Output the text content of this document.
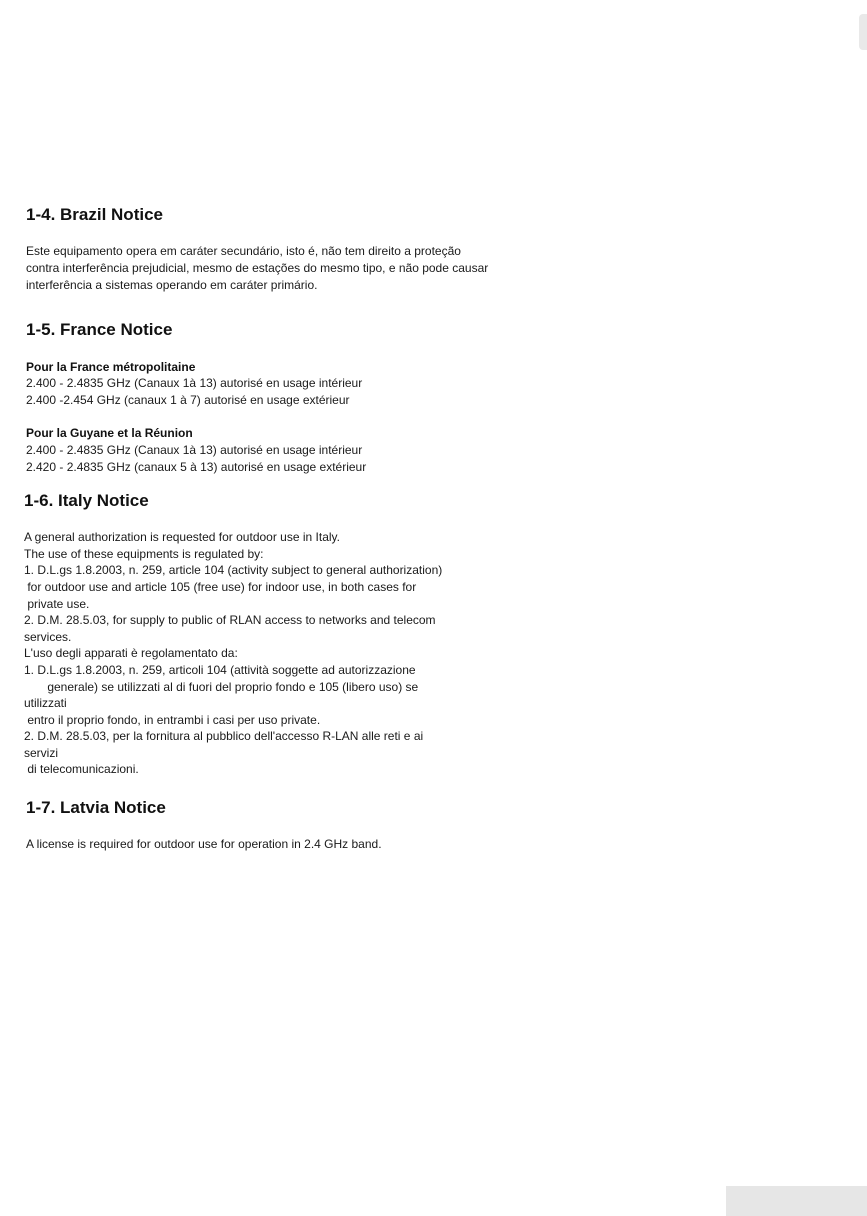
1-4. Brazil Notice
Este equipamento opera em caráter secundário, isto é, não tem direito a proteção
contra interferência prejudicial, mesmo de estações do mesmo tipo, e não pode causar
interferência a sistemas operando em caráter primário.
1-5. France Notice
Pour la France métropolitaine
2.400 - 2.4835 GHz (Canaux 1à 13) autorisé en usage intérieur
2.400 -2.454 GHz (canaux 1 à 7) autorisé en usage extérieur
Pour la Guyane et la Réunion
2.400 - 2.4835 GHz (Canaux 1à 13) autorisé en usage intérieur
2.420 - 2.4835 GHz (canaux 5 à 13) autorisé en usage extérieur
1-6. Italy Notice
A general authorization is requested for outdoor use in Italy.
The use of these equipments is regulated by:
1. D.L.gs 1.8.2003, n. 259, article 104 (activity subject to general authorization)
for outdoor use and article 105 (free use) for indoor use, in both cases for
private use.
2. D.M. 28.5.03, for supply to public of RLAN access to networks and telecom
services.
L'uso degli apparati è regolamentato da:
1. D.L.gs 1.8.2003, n. 259, articoli 104 (attività soggette ad autorizzazione
generale) se utilizzati al di fuori del proprio fondo e 105 (libero uso) se
utilizzati
entro il proprio fondo, in entrambi i casi per uso private.
2. D.M. 28.5.03, per la fornitura al pubblico dell'accesso R-LAN alle reti e ai
servizi
di telecomunicazioni.
1-7. Latvia Notice
A license is required for outdoor use for operation in 2.4 GHz band.
